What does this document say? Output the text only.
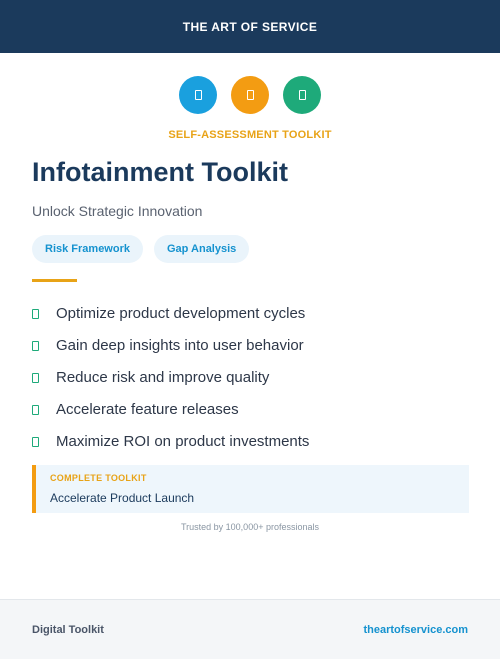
THE ART OF SERVICE
SELF-ASSESSMENT TOOLKIT
Infotainment Toolkit
Unlock Strategic Innovation
Risk Framework	Gap Analysis
Optimize product development cycles
Gain deep insights into user behavior
Reduce risk and improve quality
Accelerate feature releases
Maximize ROI on product investments
COMPLETE TOOLKIT
Accelerate Product Launch
Trusted by 100,000+ professionals
Digital Toolkit	theartofservice.com
